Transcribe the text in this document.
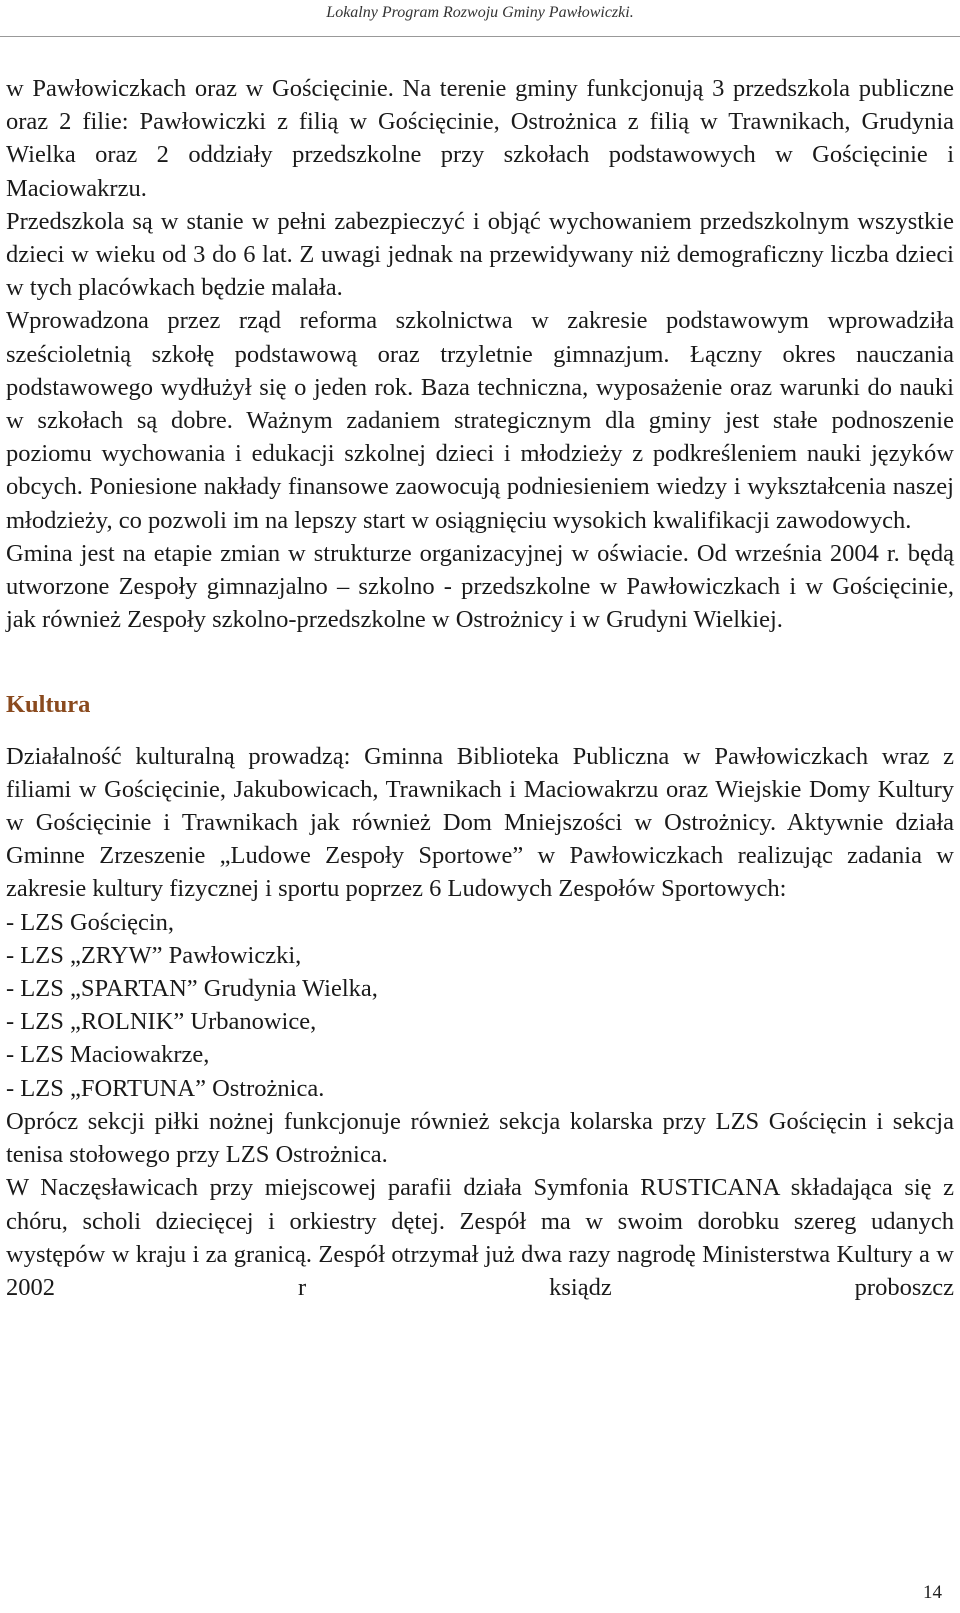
Lokalny Program Rozwoju Gminy Pawłowiczki.

w Pawłowiczkach oraz w Gościęcinie. Na terenie gminy funkcjonują 3 przedszkola publiczne oraz 2 filie: Pawłowiczki z filią w Gościęcinie, Ostrożnica z filią w Trawnikach, Grudynia Wielka oraz 2 oddziały przedszkolne przy szkołach podstawowych w Gościęcinie i Maciowakrzu.

Przedszkola są w stanie w pełni zabezpieczyć i objąć wychowaniem przedszkolnym wszystkie dzieci w wieku od 3 do 6 lat. Z uwagi jednak na przewidywany niż demograficzny liczba dzieci w tych placówkach będzie malała.

Wprowadzona przez rząd reforma szkolnictwa w zakresie podstawowym wprowadziła sześcioletnią szkołę podstawową oraz trzyletnie gimnazjum. Łączny okres nauczania podstawowego wydłużył się o jeden rok. Baza techniczna, wyposażenie oraz warunki do nauki w szkołach są dobre. Ważnym zadaniem strategicznym dla gminy jest stałe podnoszenie poziomu wychowania i edukacji szkolnej dzieci i młodzieży z podkreśleniem nauki języków obcych. Poniesione nakłady finansowe zaowocują podniesieniem wiedzy i wykształcenia naszej młodzieży, co pozwoli im na lepszy start w osiągnięciu wysokich kwalifikacji zawodowych.

Gmina jest na etapie zmian w strukturze organizacyjnej w oświacie. Od września 2004 r. będą utworzone Zespoły gimnazjalno – szkolno - przedszkolne w Pawłowiczkach i w Gościęcinie, jak również Zespoły szkolno-przedszkolne w Ostrożnicy i w Grudyni Wielkiej.

Kultura

Działalność kulturalną prowadzą: Gminna Biblioteka Publiczna w Pawłowiczkach wraz z filiami w Gościęcinie, Jakubowicach, Trawnikach i Maciowakrzu oraz Wiejskie Domy Kultury w Gościęcinie i Trawnikach jak również Dom Mniejszości w Ostrożnicy. Aktywnie działa Gminne Zrzeszenie „Ludowe Zespoły Sportowe” w Pawłowiczkach realizując zadania w zakresie kultury fizycznej i sportu poprzez 6 Ludowych Zespołów Sportowych:

- LZS Gościęcin,
- LZS „ZRYW” Pawłowiczki,
- LZS „SPARTAN” Grudynia Wielka,
- LZS „ROLNIK” Urbanowice,
- LZS Maciowakrze,
- LZS „FORTUNA” Ostrożnica.

Oprócz sekcji piłki nożnej funkcjonuje również sekcja kolarska przy LZS Gościęcin i sekcja tenisa stołowego przy LZS Ostrożnica.

W Naczęsławicach przy miejscowej parafii działa Symfonia RUSTICANA składająca się z chóru, scholi dziecięcej i orkiestry dętej. Zespół ma w swoim dorobku szereg udanych występów w kraju i za granicą. Zespół otrzymał już dwa razy nagrodę Ministerstwa Kultury a w 2002 r ksiądz proboszcz

14
